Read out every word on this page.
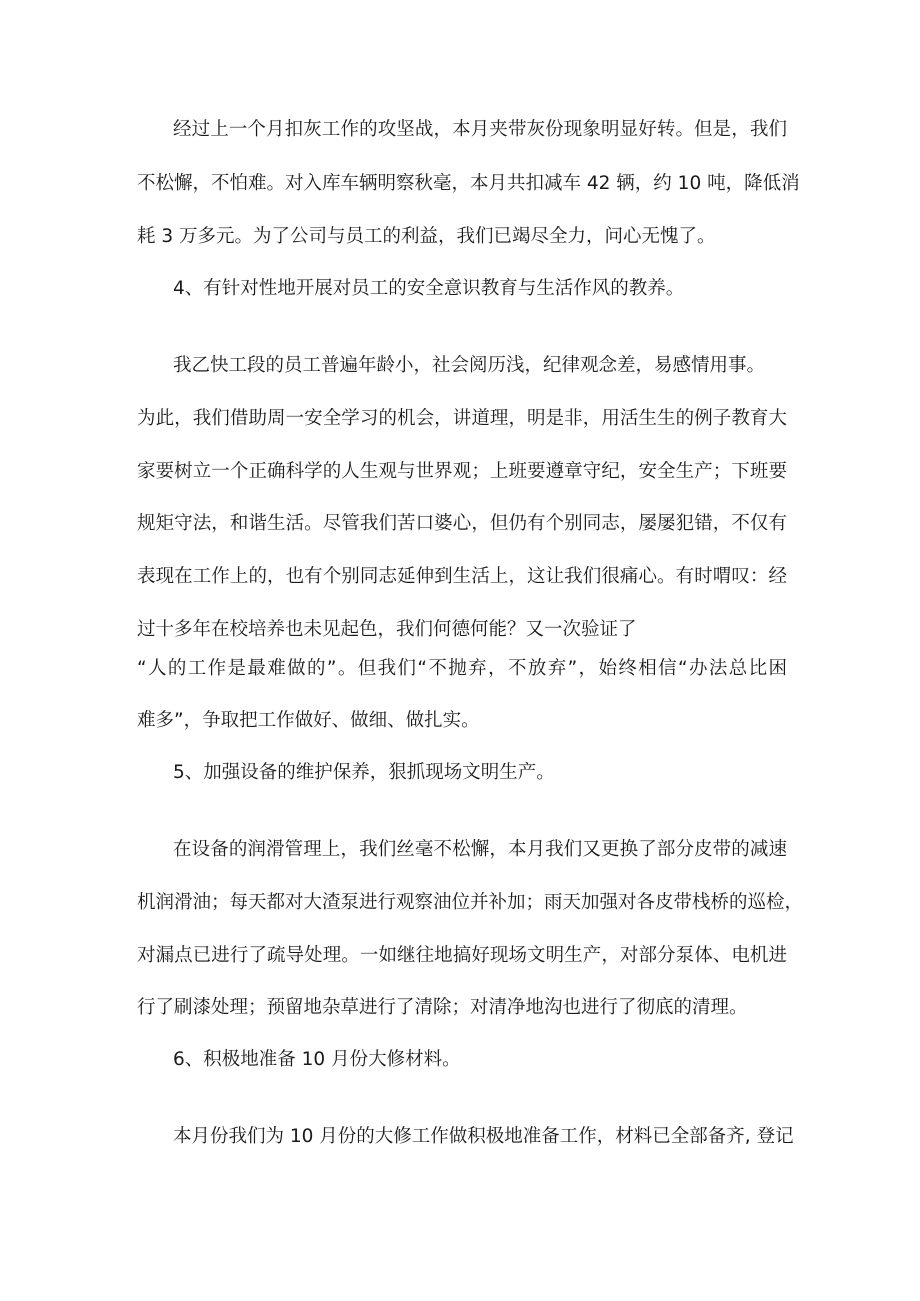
经过上一个月扣灰工作的攻坚战，本月夹带灰份现象明显好转。但是，我们
不松懈，不怕难。对入库车辆明察秋毫，本月共扣减车 42 辆，约 10 吨，降低消
耗 3 万多元。为了公司与员工的利益，我们已竭尽全力，问心无愧了。
4、有针对性地开展对员工的安全意识教育与生活作风的教养。
我乙快工段的员工普遍年龄小，社会阅历浅，纪律观念差，易感情用事。
为此，我们借助周一安全学习的机会，讲道理，明是非，用活生生的例子教育大
家要树立一个正确科学的人生观与世界观；上班要遵章守纪，安全生产；下班要
规矩守法，和谐生活。尽管我们苦口婆心，但仍有个别同志，屡屡犯错，不仅有
表现在工作上的，也有个别同志延伸到生活上，这让我们很痛心。有时喟叹：经
过十多年在校培养也未见起色，我们何德何能？又一次验证了
“人的工作是最难做的”。但我们“不抛弃，不放弃”，始终相信“办法总比困
难多”，争取把工作做好、做细、做扎实。
5、加强设备的维护保养，狠抓现场文明生产。
在设备的润滑管理上，我们丝毫不松懈，本月我们又更换了部分皮带的减速
机润滑油；每天都对大渣泵进行观察油位并补加；雨天加强对各皮带栈桥的巡检，
对漏点已进行了疏导处理。一如继往地搞好现场文明生产，对部分泵体、电机进
行了刷漆处理；预留地杂草进行了清除；对清净地沟也进行了彻底的清理。
6、积极地准备 10 月份大修材料。
本月份我们为 10 月份的大修工作做积极地准备工作，材料已全部备齐, 登记
